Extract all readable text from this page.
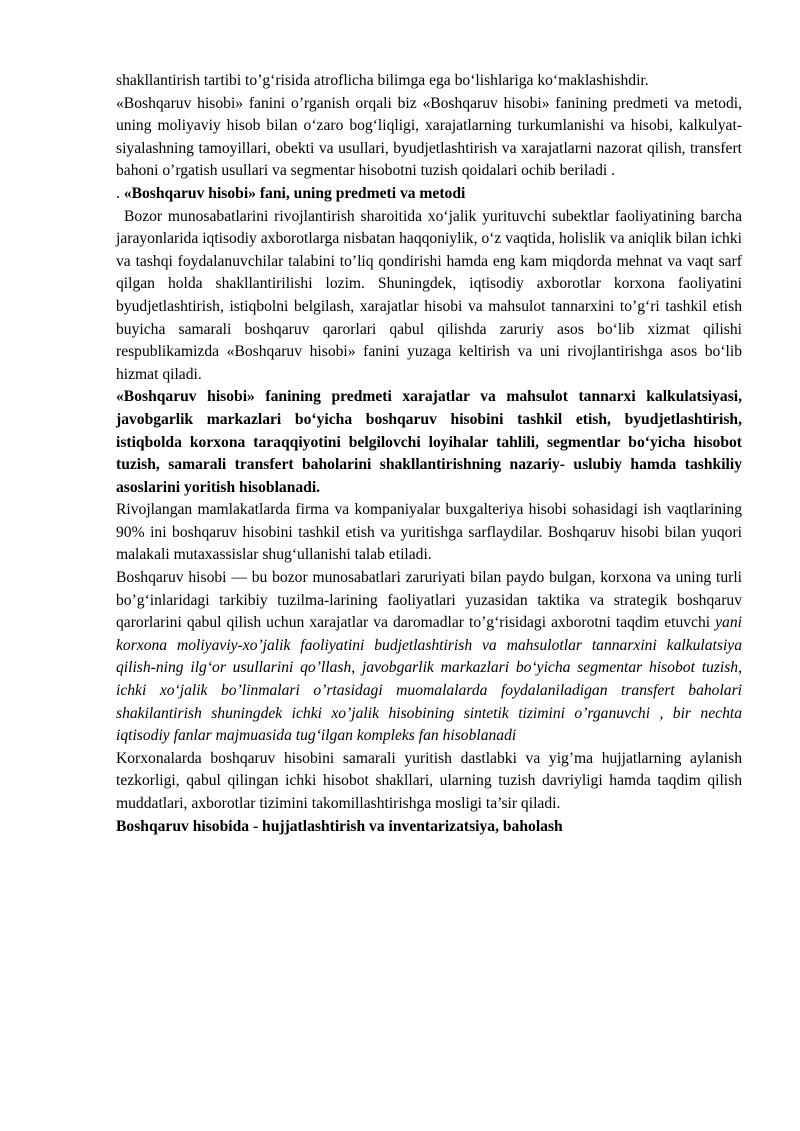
shakllantirish tartibi to’g‘risida atroflicha bilimga ega bo‘lishlariga ko‘maklashishdir.

«Boshqaruv hisobi» fanini o’rganish orqali biz «Boshqaruv hisobi» fanining predmeti va metodi, uning moliyaviy hisob bilan o‘zaro bog‘liqligi, xarajatlarning turkumlanishi va hisobi, kalkulyat-siyalashning tamoyillari, obekti va usullari, byudjetlashtirish va xarajatlarni nazorat qilish, transfert bahoni o’rgatish usullari va segmentar hisobotni tuzish qoidalari ochib beriladi .

. «Boshqaruv hisobi» fani, uning predmeti va metodi

Bozor munosabatlarini rivojlantirish sharoitida xo‘jalik yurituvchi subektlar faoliyatining barcha jarayonlarida iqtisodiy axborotlarga nisbatan haqqoniylik, o‘z vaqtida, holislik va aniqlik bilan ichki va tashqi foydalanuvchilar talabini to’liq qondirishi hamda eng kam miqdorda mehnat va vaqt sarf qilgan holda shakllantirilishi lozim. Shuningdek, iqtisodiy axborotlar korxona faoliyatini byudjetlashtirish, istiqbolni belgilash, xarajatlar hisobi va mahsulot tannarxini to’g‘ri tashkil etish buyicha samarali boshqaruv qarorlari qabul qilishda zaruriy asos bo‘lib xizmat qilishi respublikamizda «Boshqaruv hisobi» fanini yuzaga keltirish va uni rivojlantirishga asos bo‘lib hizmat qiladi.

«Boshqaruv hisobi» fanining predmeti xarajatlar va mahsulot tannarxi kalkulatsiyasi, javobgarlik markazlari bo‘yicha boshqaruv hisobini tashkil etish, byudjetlashtirish, istiqbolda korxona taraqqiyotini belgilovchi loyihalar tahlili, segmentlar bo‘yicha hisobot tuzish, samarali transfert baholarini shakllantirishning nazariy- uslubiy hamda tashkiliy asoslarini yoritish hisoblanadi.

Rivojlangan mamlakatlarda firma va kompaniyalar buxgalteriya hisobi sohasidagi ish vaqtlarining 90% ini boshqaruv hisobini tashkil etish va yuritishga sarflaydilar. Boshqaruv hisobi bilan yuqori malakali mutaxassislar shug‘ullanishi talab etiladi.

Boshqaruv hisobi — bu bozor munosabatlari zaruriyati bilan paydo bulgan, korxona va uning turli bo’g‘inlaridagi tarkibiy tuzilma-larining faoliyatlari yuzasidan taktika va strategik boshqaruv qarorlarini qabul qilish uchun xarajatlar va daromadlar to’g‘risidagi axborotni taqdim etuvchi yani korxona moliyaviy-xo’jalik faoliyatini budjetlashtirish va mahsulotlar tannarxini kalkulatsiya qilish-ning ilg‘or usullarini qo’llash, javobgarlik markazlari bo‘yicha segmentar hisobot tuzish, ichki xo‘jalik bo’linmalari o’rtasidagi muomalalarda foydalaniladigan transfert baholari shakilantirish shuningdek ichki xo’jalik hisobining sintetik tizimini o’rganuvchi , bir nechta iqtisodiy fanlar majmuasida tug‘ilgan kompleks fan hisoblanadi

Korxonalarda boshqaruv hisobini samarali yuritish dastlabki va yig’ma hujjatlarning aylanish tezkorligi, qabul qilingan ichki hisobot shakllari, ularning tuzish davriyligi hamda taqdim qilish muddatlari, axborotlar tizimini takomillashtirishga mosligi ta’sir qiladi.

Boshqaruv hisobida - hujjatlashtirish va inventarizatsiya, baholash
